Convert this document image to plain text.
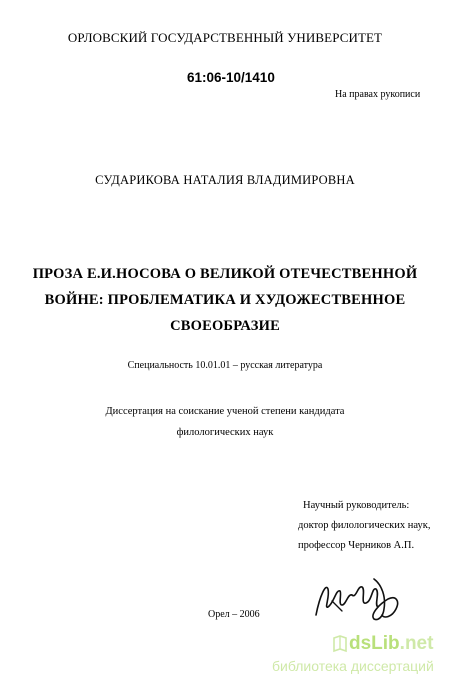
ОРЛОВСКИЙ ГОСУДАРСТВЕННЫЙ УНИВЕРСИТЕТ
61:06-10/1410
На правах рукописи
СУДАРИКОВА НАТАЛИЯ ВЛАДИМИРОВНА
ПРОЗА Е.И.НОСОВА О ВЕЛИКОЙ ОТЕЧЕСТВЕННОЙ
ВОЙНЕ: ПРОБЛЕМАТИКА И ХУДОЖЕСТВЕННОЕ
СВОЕОБРАЗИЕ
Специальность 10.01.01 – русская литература
Диссертация на соискание ученой степени кандидата
филологических наук
Научный руководитель:
доктор филологических наук,
профессор Черников А.П.
Орел – 2006
dsLib.net
библиотека диссертаций
